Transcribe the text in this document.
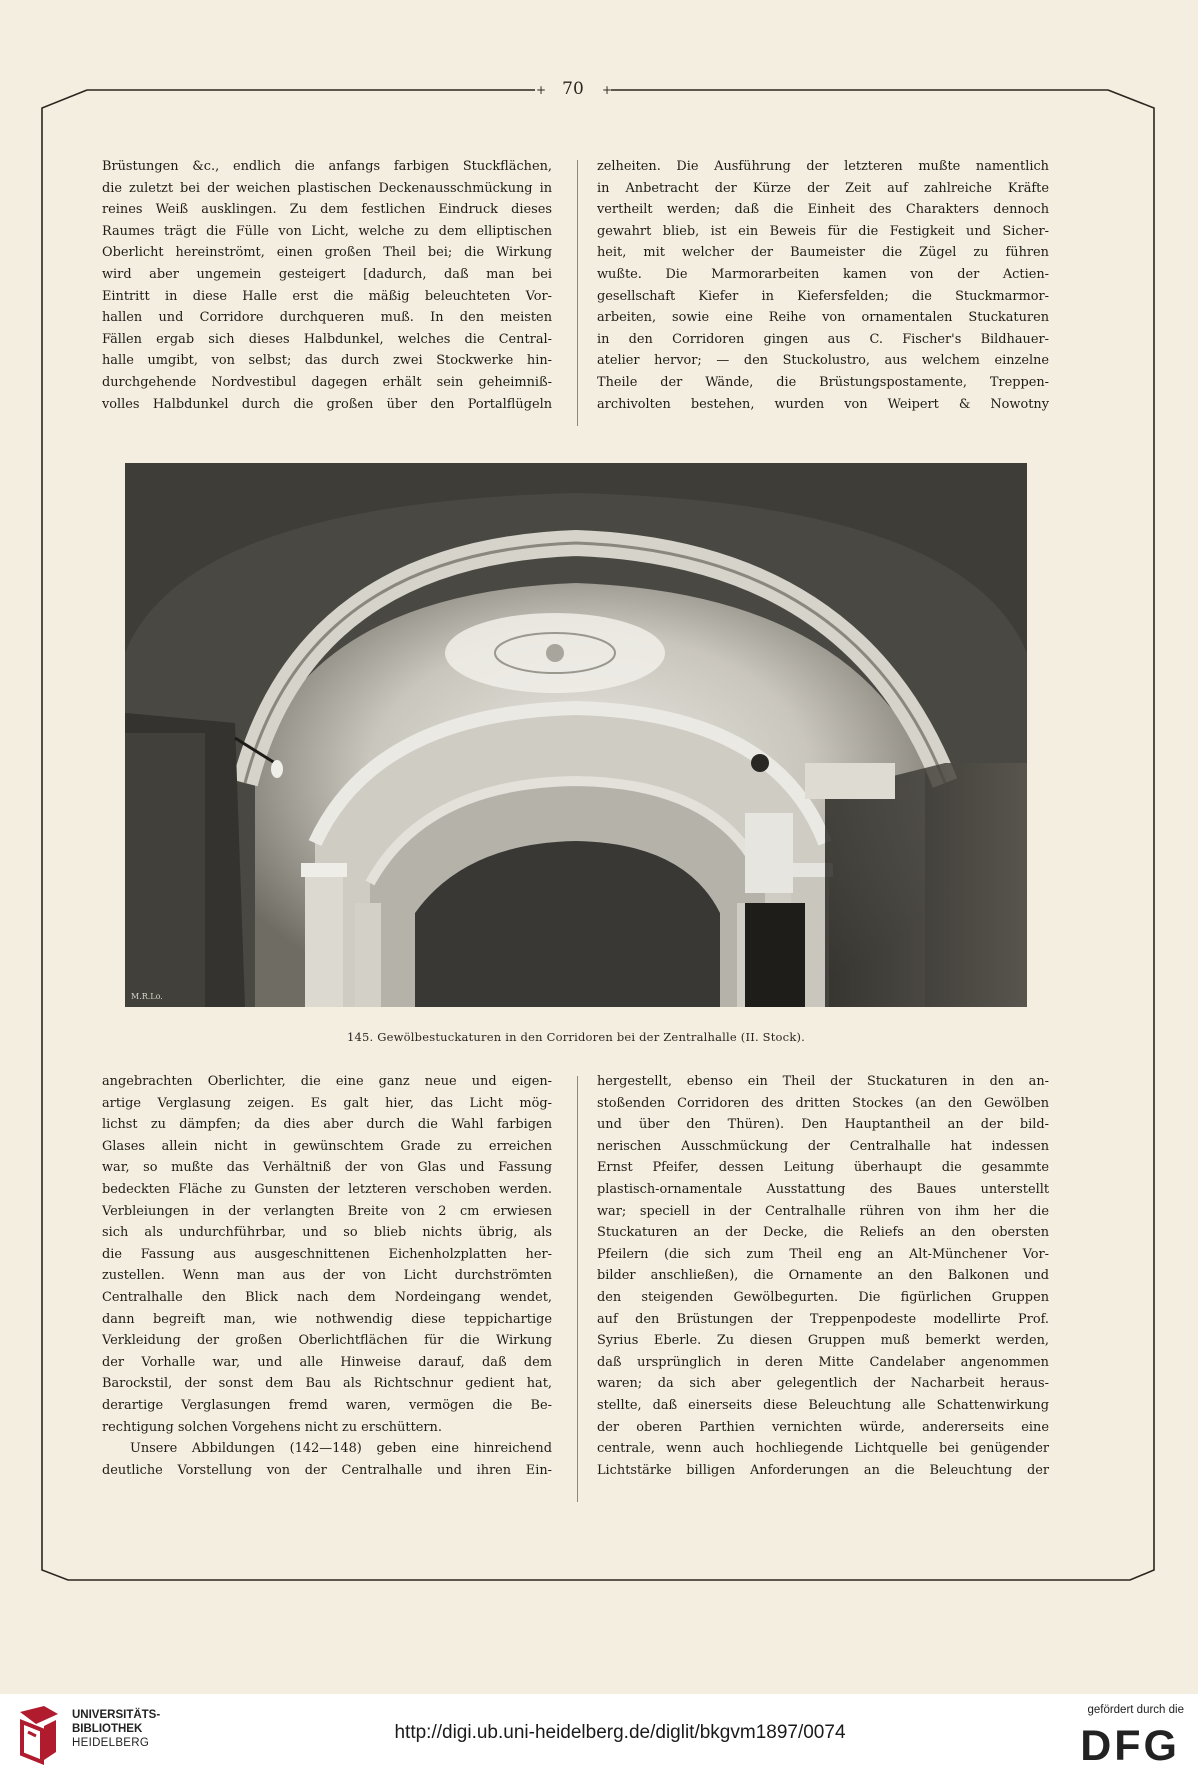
+	+
70

Brüstungen &c., endlich die anfangs farbigen Stuckflächen,

die zuletzt bei der weichen plastischen Deckenausschmückung in

reines Weiß ausklingen. Zu dem festlichen Eindruck dieses

Raumes trägt die Fülle von Licht, welche zu dem elliptischen

Oberlicht hereinströmt, einen großen Theil bei; die Wirkung

wird aber ungemein gesteigert [dadurch, daß man bei

Eintritt in diese Halle erst die mäßig beleuchteten Vor-

hallen und Corridore durchqueren muß. In den meisten

Fällen ergab sich dieses Halbdunkel, welches die Central-

halle umgibt, von selbst; das durch zwei Stockwerke hin-

durchgehende Nordvestibul dagegen erhält sein geheimniß-

volles Halbdunkel durch die großen über den Portalflügeln

zelheiten. Die Ausführung der letzteren mußte namentlich

in Anbetracht der Kürze der Zeit auf zahlreiche Kräfte

vertheilt werden; daß die Einheit des Charakters dennoch

gewahrt blieb, ist ein Beweis für die Festigkeit und Sicher-

heit, mit welcher der Baumeister die Zügel zu führen

wußte. Die Marmorarbeiten kamen von der Actien-

gesellschaft Kiefer in Kiefersfelden; die Stuckmarmor-

arbeiten, sowie eine Reihe von ornamentalen Stuckaturen

in den Corridoren gingen aus C. Fischer's Bildhauer-

atelier hervor; — den Stuckolustro, aus welchem einzelne

Theile der Wände, die Brüstungspostamente, Treppen-

archivolten bestehen, wurden von Weipert & Nowotny

M.R.Lo.
145. Gewölbestuckaturen in den Corridoren bei der Zentralhalle (II. Stock).

angebrachten Oberlichter, die eine ganz neue und eigen-

artige Verglasung zeigen. Es galt hier, das Licht mög-

lichst zu dämpfen; da dies aber durch die Wahl farbigen

Glases allein nicht in gewünschtem Grade zu erreichen

war, so mußte das Verhältniß der von Glas und Fassung

bedeckten Fläche zu Gunsten der letzteren verschoben werden.

Verbleiungen in der verlangten Breite von 2 cm erwiesen

sich als undurchführbar, und so blieb nichts übrig, als

die Fassung aus ausgeschnittenen Eichenholzplatten her-

zustellen. Wenn man aus der von Licht durchströmten

Centralhalle den Blick nach dem Nordeingang wendet,

dann begreift man, wie nothwendig diese teppichartige

Verkleidung der großen Oberlichtflächen für die Wirkung

der Vorhalle war, und alle Hinweise darauf, daß dem

Barockstil, der sonst dem Bau als Richtschnur gedient hat,

derartige Verglasungen fremd waren, vermögen die Be-

rechtigung solchen Vorgehens nicht zu erschüttern.

Unsere Abbildungen (142—148) geben eine hinreichend

deutliche Vorstellung von der Centralhalle und ihren Ein-

hergestellt, ebenso ein Theil der Stuckaturen in den an-

stoßenden Corridoren des dritten Stockes (an den Gewölben

und über den Thüren). Den Hauptantheil an der bild-

nerischen Ausschmückung der Centralhalle hat indessen

Ernst Pfeifer, dessen Leitung überhaupt die gesammte

plastisch-ornamentale Ausstattung des Baues unterstellt

war; speciell in der Centralhalle rühren von ihm her die

Stuckaturen an der Decke, die Reliefs an den obersten

Pfeilern (die sich zum Theil eng an Alt-Münchener Vor-

bilder anschließen), die Ornamente an den Balkonen und

den steigenden Gewölbegurten. Die figürlichen Gruppen

auf den Brüstungen der Treppenpodeste modellirte Prof.

Syrius Eberle. Zu diesen Gruppen muß bemerkt werden,

daß ursprünglich in deren Mitte Candelaber angenommen

waren; da sich aber gelegentlich der Nacharbeit heraus-

stellte, daß einerseits diese Beleuchtung alle Schattenwirkung

der oberen Parthien vernichten würde, andererseits eine

centrale, wenn auch hochliegende Lichtquelle bei genügender

Lichtstärke billigen Anforderungen an die Beleuchtung der

UNIVERSITÄTS-
BIBLIOTHEK
HEIDELBERG	http://digi.ub.uni-heidelberg.de/diglit/bkgvm1897/0074
gefördert durch die
DFG
